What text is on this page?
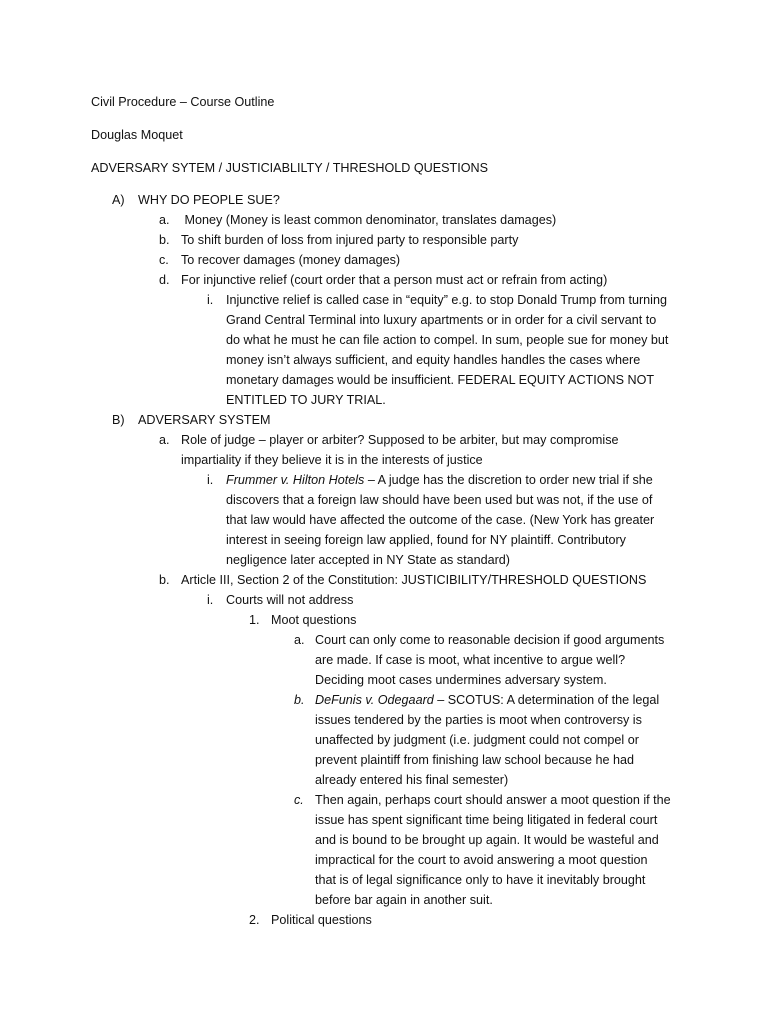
Civil Procedure – Course Outline

Douglas Moquet

ADVERSARY SYTEM / JUSTICIABLILTY / THRESHOLD QUESTIONS

A)	WHY DO PEOPLE SUE?
a. Money (Money is least common denominator, translates damages)
b. To shift burden of loss from injured party to responsible party
c. To recover damages (money damages)
d. For injunctive relief (court order that a person must act or refrain from acting)
i.	Injunctive relief is called case in “equity” e.g. to stop Donald Trump from turning
Grand Central Terminal into luxury apartments or in order for a civil servant to
do what he must he can file action to compel. In sum, people sue for money but
money isn’t always sufficient, and equity handles handles the cases where
monetary damages would be insufficient. FEDERAL EQUITY ACTIONS NOT
ENTITLED TO JURY TRIAL.
B)	ADVERSARY SYSTEM
a. Role of judge – player or arbiter? Supposed to be arbiter, but may compromise
impartiality if they believe it is in the interests of justice
i.	Frummer v. Hilton Hotels – A judge has the discretion to order new trial if she
discovers that a foreign law should have been used but was not, if the use of
that law would have affected the outcome of the case. (New York has greater
interest in seeing foreign law applied, found for NY plaintiff. Contributory
negligence later accepted in NY State as standard)
b. Article III, Section 2 of the Constitution: JUSTICIBILITY/THRESHOLD QUESTIONS
i.	Courts will not address
1. Moot questions
a. Court can only come to reasonable decision if good arguments
are made. If case is moot, what incentive to argue well?
Deciding moot cases undermines adversary system.
b. DeFunis v. Odegaard – SCOTUS: A determination of the legal
issues tendered by the parties is moot when controversy is
unaffected by judgment (i.e. judgment could not compel or
prevent plaintiff from finishing law school because he had
already entered his final semester)
c. Then again, perhaps court should answer a moot question if the
issue has spent significant time being litigated in federal court
and is bound to be brought up again. It would be wasteful and
impractical for the court to avoid answering a moot question
that is of legal significance only to have it inevitably brought
before bar again in another suit.
2. Political questions
